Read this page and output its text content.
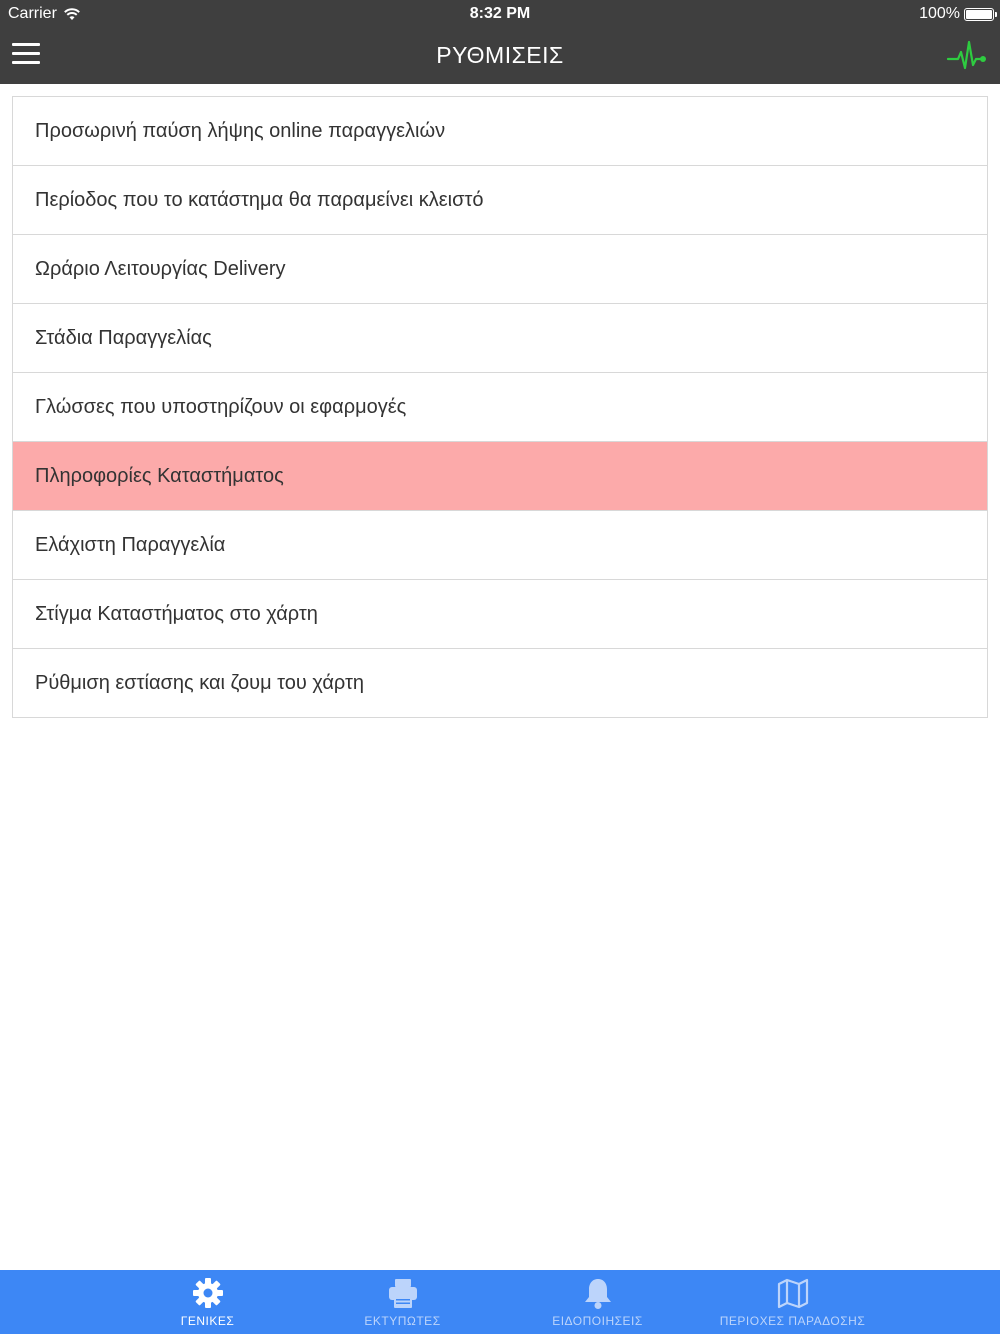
Carrier	8:32 PM	100%
ΡΥΘΜΙΣΕΙΣ
Προσωρινή παύση λήψης online παραγγελιών
Περίοδος που το κατάστημα θα παραμείνει κλειστό
Ωράριο Λειτουργίας Delivery
Στάδια Παραγγελίας
Γλώσσες που υποστηρίζουν οι εφαρμογές
Πληροφορίες Καταστήματος
Ελάχιστη Παραγγελία
Στίγμα Καταστήματος στο χάρτη
Ρύθμιση εστίασης και ζουμ του χάρτη
ΓΕΝΙΚΕΣ	ΕΚΤΥΠΩΤΕΣ	ΕΙΔΟΠΟΙΗΣΕΙΣ	ΠΕΡΙΟΧΕΣ ΠΑΡΑΔΟΣΗΣ
